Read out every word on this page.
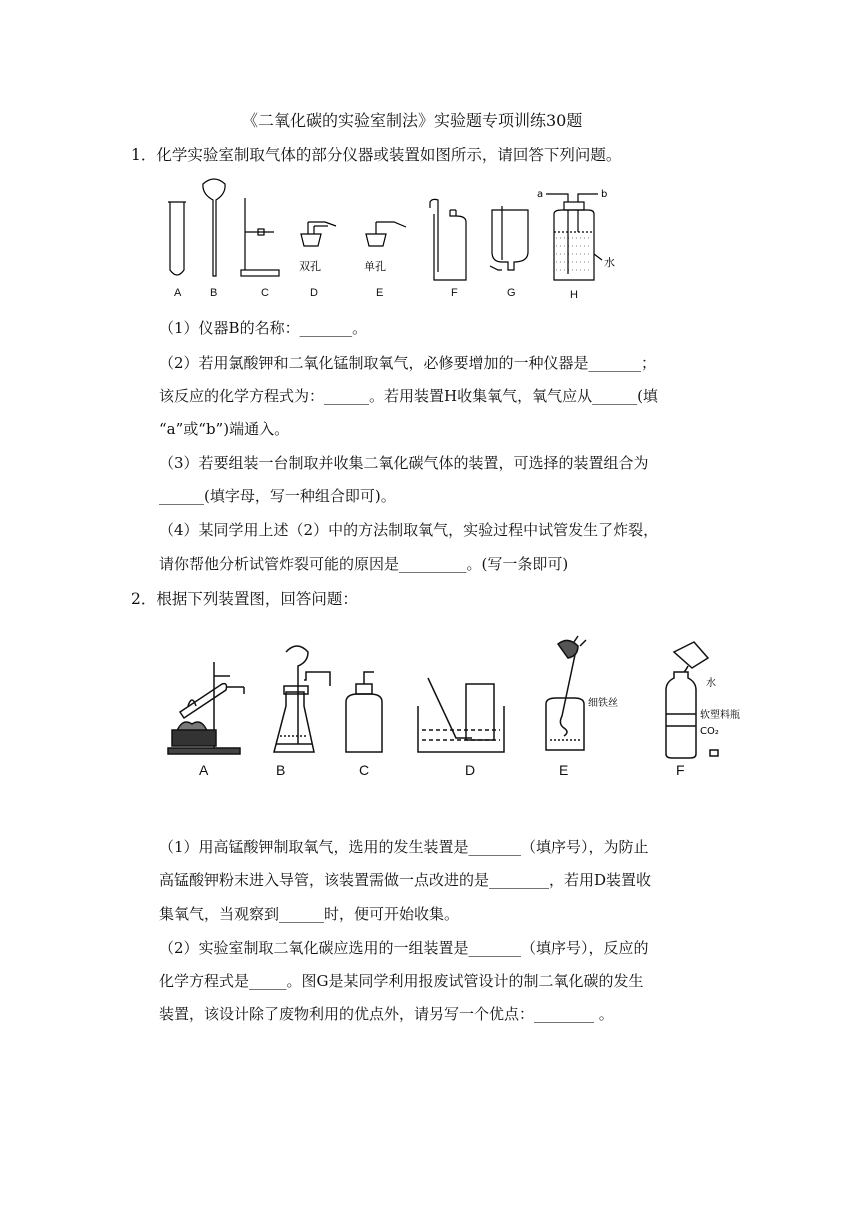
《二氧化碳的实验室制法》实验题专项训练30题
1．化学实验室制取气体的部分仪器或装置如图所示，请回答下列问题。
双孔	单孔
a	b
水
A	B	C	D	E	F	G	H
（1）仪器B的名称：_______。
（2）若用氯酸钾和二氧化锰制取氧气，必修要增加的一种仪器是_______；
该反应的化学方程式为：______。若用装置H收集氧气，氧气应从______(填
“a”或“b”)端通入。
（3）若要组装一台制取并收集二氧化碳气体的装置，可选择的装置组合为
______(填字母，写一种组合即可)。
（4）某同学用上述（2）中的方法制取氧气，实验过程中试管发生了炸裂，
请你帮他分析试管炸裂可能的原因是_________。(写一条即可)
2．根据下列装置图，回答问题：
细铁丝
水
软塑料瓶
CO₂
A	B	C	D	E	F
（1）用高锰酸钾制取氧气，选用的发生装置是_______（填序号），为防止
高锰酸钾粉末进入导管，该装置需做一点改进的是________，若用D装置收
集氧气，当观察到______时，便可开始收集。
（2）实验室制取二氧化碳应选用的一组装置是_______（填序号），反应的
化学方程式是_____。图G是某同学利用报废试管设计的制二氧化碳的发生
装置，该设计除了废物利用的优点外，请另写一个优点：________ 。
